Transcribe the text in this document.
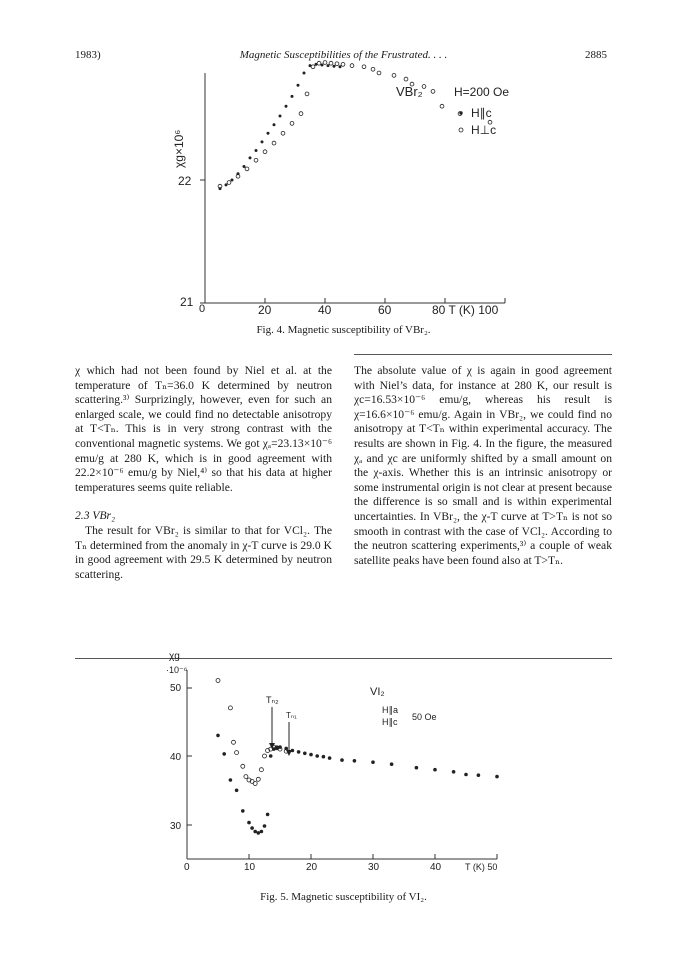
1983)	Magnetic Susceptibilities of the Frustrated. . . .	2885
χg×10⁶
22
21 0	20	40	60	80 T (K) 100
VBr₂	H=200 Oe
H∥c
H⊥c
Fig. 4. Magnetic susceptibility of VBr₂.

χ which had not been found by Niel et al. at the temperature of Tₙ=36.0 K determined by neutron scattering.³⁾ Surprizingly, however, even for such an enlarged scale, we could find no detectable anisotropy at T<Tₙ. This is in very strong contrast with the conventional magnetic systems. We got χₐ=23.13×10⁻⁶ emu/g at 280 K, which is in good agreement with 22.2×10⁻⁶ emu/g by Niel,⁴⁾ so that his data at higher temperatures seems quite reliable.

2.3 VBr₂

The result for VBr₂ is similar to that for VCl₂. The Tₙ determined from the anomaly in χ-T curve is 29.0 K in good agreement with 29.5 K determined by neutron scattering.

The absolute value of χ is again in good agreement with Niel’s data, for instance at 280 K, our result is χc=16.53×10⁻⁶ emu/g, whereas his result is χ=16.6×10⁻⁶ emu/g. Again in VBr₂, we could find no anisotropy at T<Tₙ within experimental accuracy. The results are shown in Fig. 4. In the figure, the measured χₐ and χc are uniformly shifted by a small amount on the χ-axis. Whether this is an intrinsic anisotropy or some instrumental origin is not clear at present because the difference is so small and is within experimental uncertainties. In VBr₂, the χ-T curve at T>Tₙ is not so smooth in contrast with the case of VCl₂. According to the neutron scattering experiments,³⁾ a couple of weak satellite peaks have been found also at T>Tₙ.

χg
·10⁻⁶
50
40
30
0	10	20	30	40	T (K) 50
VI₂
H∥a
H∥c 50 Oe
Tₙ₂
Tₙ₁
Fig. 5. Magnetic susceptibility of VI₂.
